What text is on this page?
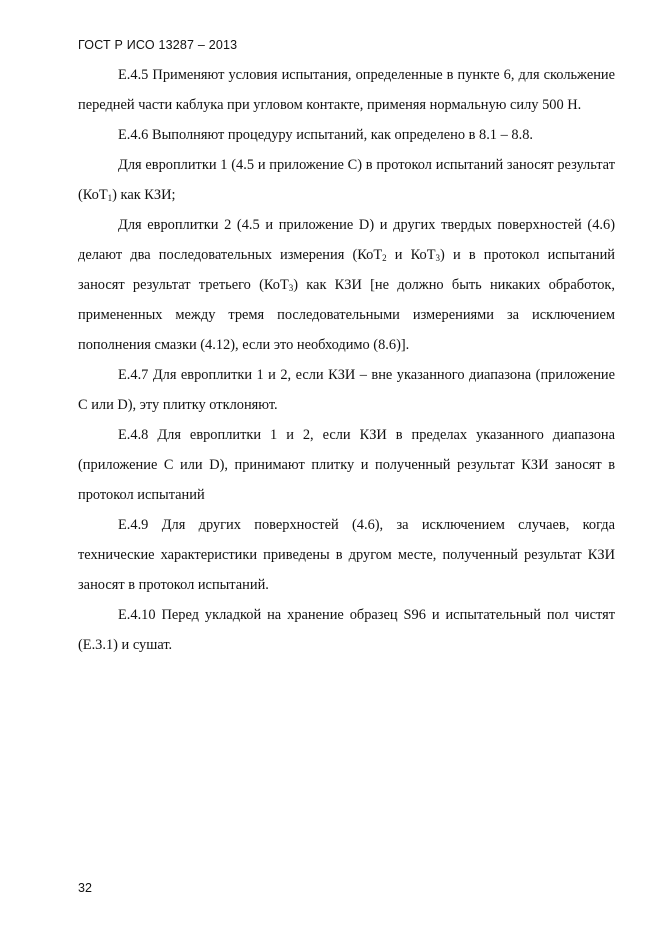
ГОСТ Р ИСО 13287 – 2013

Е.4.5 Применяют условия испытания, определенные в пункте 6, для скольжение передней части каблука при угловом контакте, применяя нормальную силу 500 Н.

Е.4.6 Выполняют процедуру испытаний, как определено в 8.1 – 8.8.

Для европлитки 1 (4.5 и приложение С) в протокол испытаний заносят результат (КоТ$_1$) как КЗИ;

Для европлитки 2 (4.5 и приложение D) и других твердых поверхностей (4.6) делают два последовательных измерения (КоТ$_2$ и КоТ$_3$) и в протокол испытаний заносят результат третьего (КоТ$_3$) как КЗИ [не должно быть никаких обработок, примененных между тремя последовательными измерениями за исключением пополнения смазки (4.12), если это необходимо (8.6)].

Е.4.7 Для европлитки 1 и 2, если КЗИ – вне указанного диапазона (приложение С или D), эту плитку отклоняют.

Е.4.8 Для европлитки 1 и 2, если КЗИ в пределах указанного диапазона (приложение С или D), принимают плитку и полученный результат КЗИ заносят в протокол испытаний

Е.4.9 Для других поверхностей (4.6), за исключением случаев, когда технические характеристики приведены в другом месте, полученный результат КЗИ заносят в протокол испытаний.

Е.4.10 Перед укладкой на хранение образец S96 и испытательный пол чистят (Е.3.1) и сушат.

32
